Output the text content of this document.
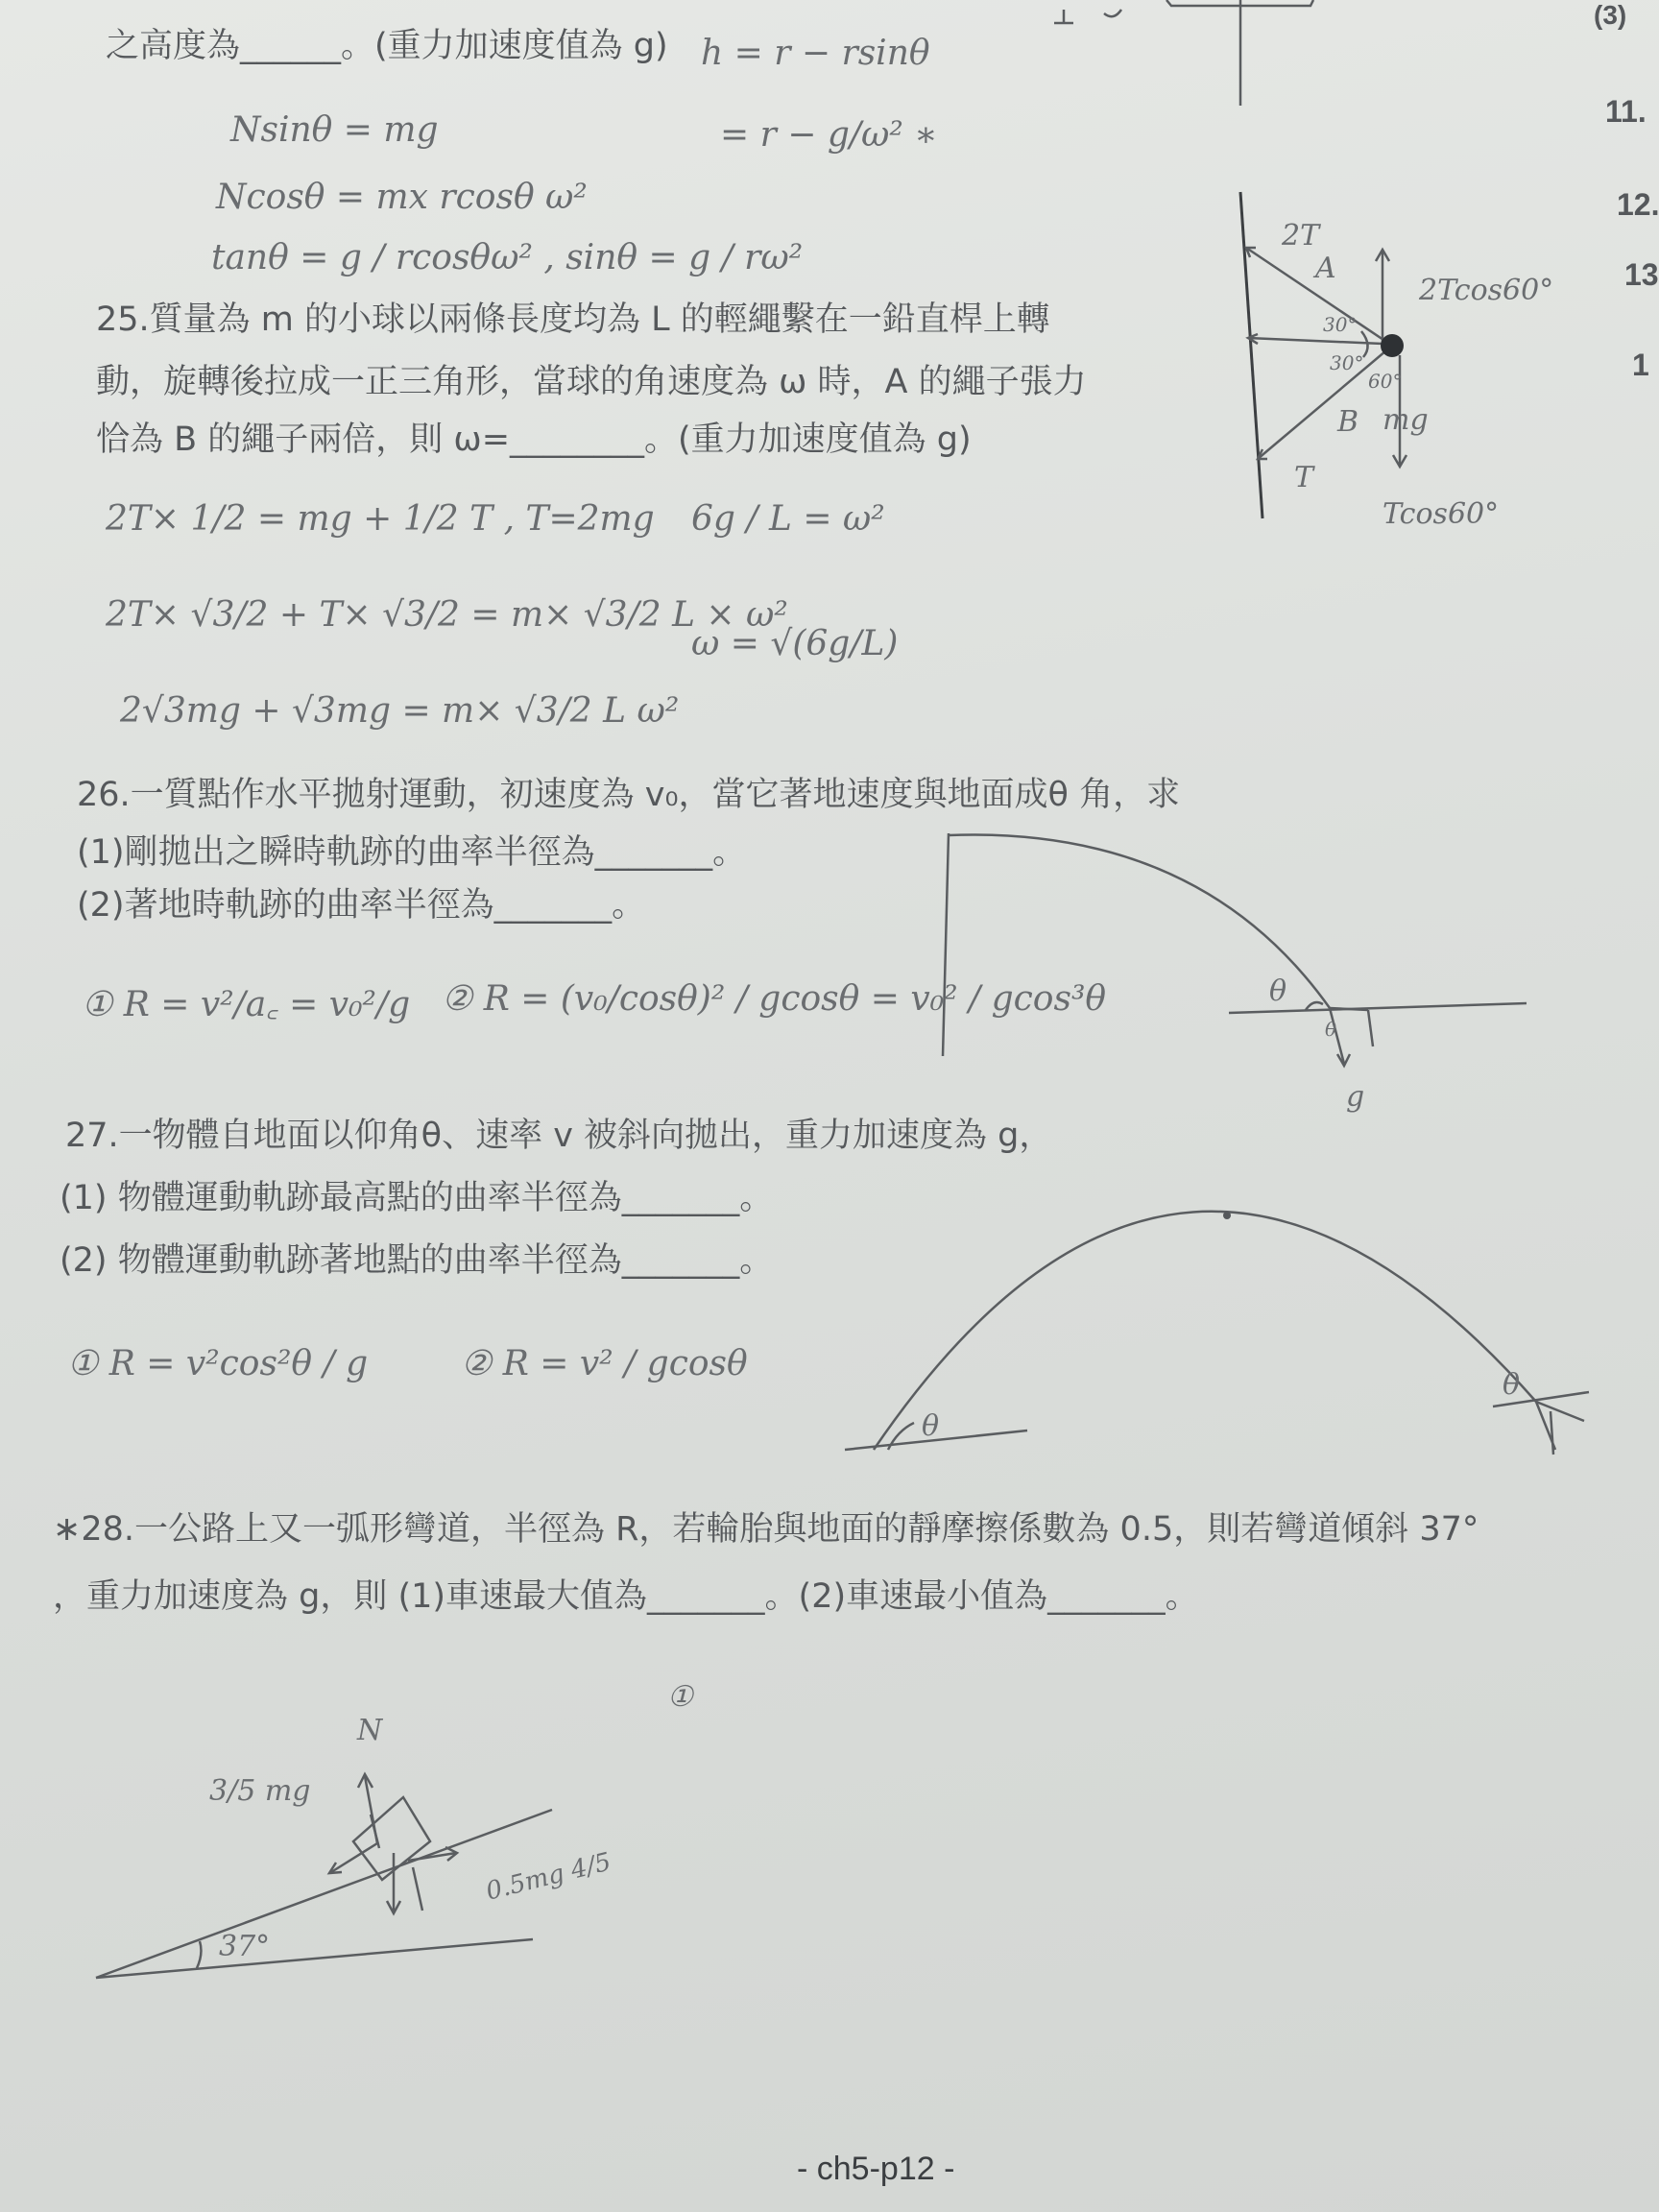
之高度為______。(重力加速度值為 g)
(3)
11.
12.
13
1
Nsinθ = mg
Ncosθ = mx rcosθ ω²
tanθ = g / rcosθω² , sinθ = g / rω²
h = r − rsinθ
= r − g/ω² ∗
25.質量為 m 的小球以兩條長度均為 L 的輕繩繫在一鉛直桿上轉
動，旋轉後拉成一正三角形，當球的角速度為 ω 時，A 的繩子張力
恰為 B 的繩子兩倍，則 ω=________。(重力加速度值為 g)
2T× 1/2 = mg + 1/2 T , T=2mg
2T× √3/2 + T× √3/2 = m× √3/2 L × ω²
2√3mg + √3mg = m× √3/2 L ω²
6g / L = ω²
ω = √(6g/L)
2T
A
2Tcos60°
30°
30°
60°
B mg
T
Tcos60°
26.一質點作水平拋射運動，初速度為 v₀，當它著地速度與地面成θ 角，求
(1)剛拋出之瞬時軌跡的曲率半徑為_______。
(2)著地時軌跡的曲率半徑為_______。
① R = v²/a꜀ = v₀²/g ② R = (v₀/cosθ)² / gcosθ = v₀² / gcos³θ	θ
θ
g
27.一物體自地面以仰角θ、速率 v 被斜向拋出，重力加速度為 g，
(1) 物體運動軌跡最高點的曲率半徑為_______。
(2) 物體運動軌跡著地點的曲率半徑為_______。
① R = v²cos²θ / g	② R = v² / gcosθ
θ
θ
∗28.一公路上又一弧形彎道，半徑為 R，若輪胎與地面的靜摩擦係數為 0.5，則若彎道傾斜 37°
，重力加速度為 g，則 (1)車速最大值為_______。(2)車速最小值為_______。
①
N
3/5 mg
0.5mg 4/5
37°
- ch5-p12 -
